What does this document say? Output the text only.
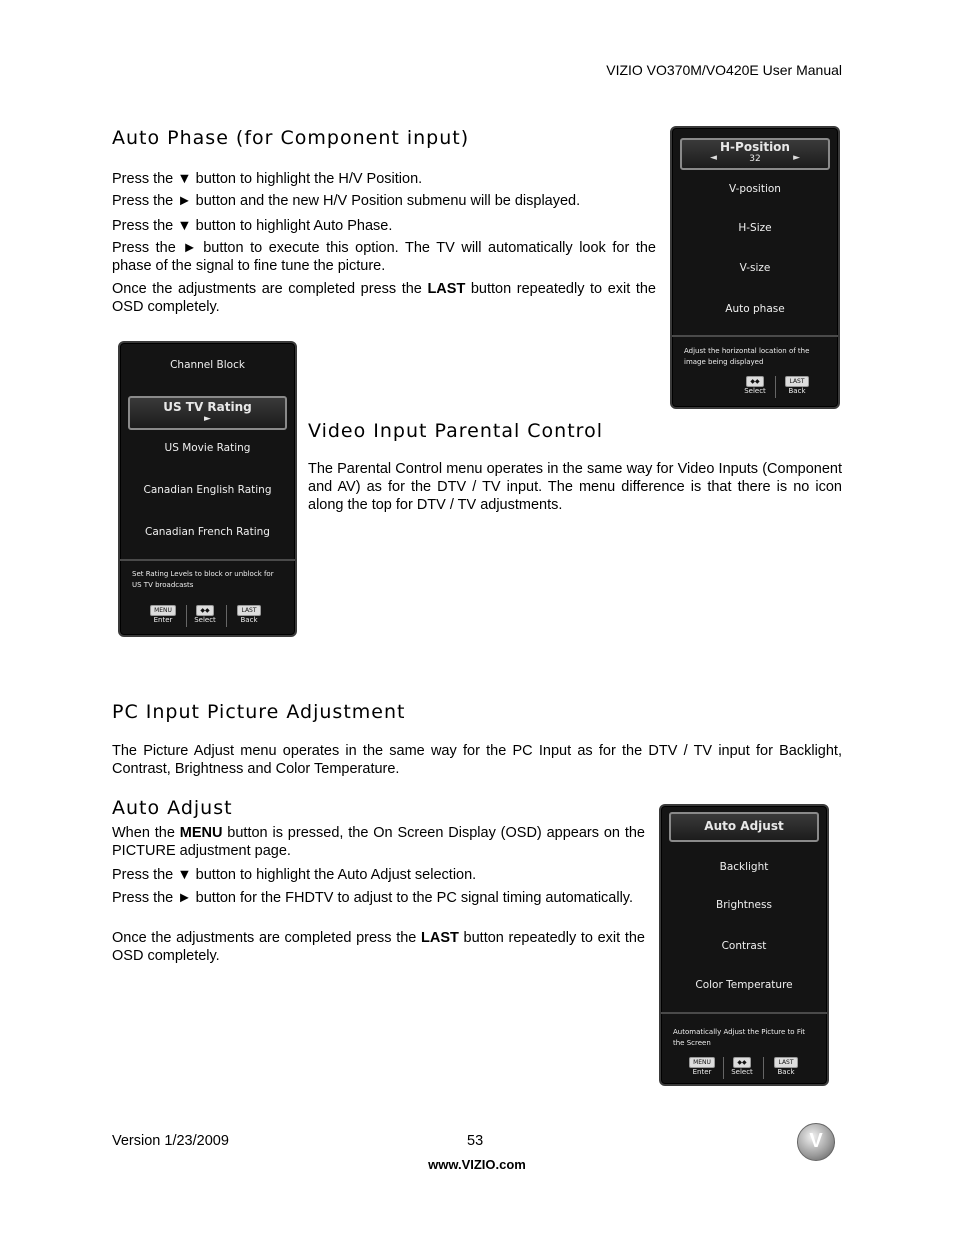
VIZIO VO370M/VO420E User Manual
Auto Phase (for Component input)

Press the ▼ button to highlight the H/V Position.

Press the ► button and the new H/V Position submenu will be displayed.

Press the ▼ button to highlight Auto Phase.

Press the ► button to execute this option. The TV will automatically look for the phase of the signal to fine tune the picture.

Once the adjustments are completed press the LAST button repeatedly to exit the OSD completely.

H-Position
32
◄	►
V-position
H-Size
V-size
Auto phase
Adjust the horizontal location of the image being displayed
◆◆
Select
LAST
Back
Channel Block
US TV Rating
►
US Movie Rating
Canadian English Rating
Canadian French Rating
Set Rating Levels to block or unblock for US TV broadcasts
MENU
Enter
◆◆
Select
LAST
Back
Video Input Parental Control

The Parental Control menu operates in the same way for Video Inputs (Component and AV) as for the DTV / TV input. The menu difference is that there is no icon along the top for DTV / TV adjustments.

PC Input Picture Adjustment

The Picture Adjust menu operates in the same way for the PC Input as for the DTV / TV input for Backlight, Contrast, Brightness and Color Temperature.

Auto Adjust

When the MENU button is pressed, the On Screen Display (OSD) appears on the PICTURE adjustment page.

Press the ▼ button to highlight the Auto Adjust selection.

Press the ► button for the FHDTV to adjust to the PC signal timing automatically.

Once the adjustments are completed press the LAST button repeatedly to exit the OSD completely.

Auto Adjust
Backlight
Brightness
Contrast
Color Temperature
Automatically Adjust the Picture to Fit the Screen
MENU
Enter
◆◆
Select
LAST
Back
Version 1/23/2009	53
www.VIZIO.com
V
